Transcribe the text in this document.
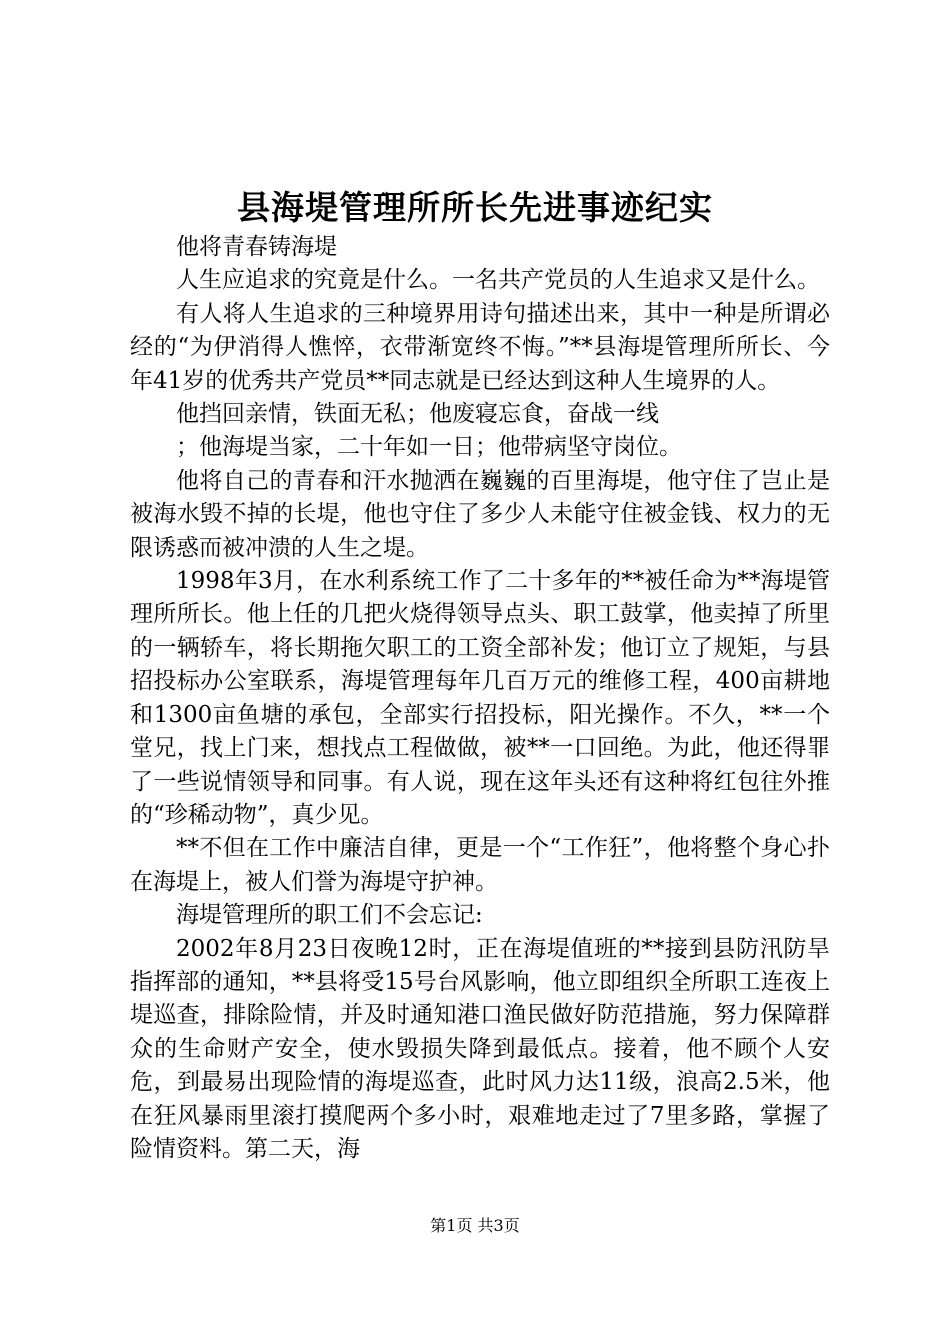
县海堤管理所所长先进事迹纪实

他将青春铸海堤

人生应追求的究竟是什么。一名共产党员的人生追求又是什么。

有人将人生追求的三种境界用诗句描述出来，其中一种是所谓必经的“为伊消得人憔悴，衣带渐宽终不悔。”**县海堤管理所所长、今年41岁的优秀共产党员**同志就是已经达到这种人生境界的人。

他挡回亲情，铁面无私；他废寝忘食，奋战一线

；他海堤当家，二十年如一日；他带病坚守岗位。

他将自己的青春和汗水抛洒在巍巍的百里海堤，他守住了岂止是被海水毁不掉的长堤，他也守住了多少人未能守住被金钱、权力的无限诱惑而被冲溃的人生之堤。

1998年3月，在水利系统工作了二十多年的**被任命为**海堤管理所所长。他上任的几把火烧得领导点头、职工鼓掌，他卖掉了所里的一辆轿车，将长期拖欠职工的工资全部补发；他订立了规矩，与县招投标办公室联系，海堤管理每年几百万元的维修工程，400亩耕地和1300亩鱼塘的承包，全部实行招投标，阳光操作。不久，**一个堂兄，找上门来，想找点工程做做，被**一口回绝。为此，他还得罪了一些说情领导和同事。有人说，现在这年头还有这种将红包往外推的“珍稀动物”，真少见。

**不但在工作中廉洁自律，更是一个“工作狂”，他将整个身心扑在海堤上，被人们誉为海堤守护神。

海堤管理所的职工们不会忘记:

2002年8月23日夜晚12时，正在海堤值班的**接到县防汛防旱指挥部的通知，**县将受15号台风影响，他立即组织全所职工连夜上堤巡查，排除险情，并及时通知港口渔民做好防范措施，努力保障群众的生命财产安全，使水毁损失降到最低点。接着，他不顾个人安危，到最易出现险情的海堤巡查，此时风力达11级，浪高2.5米，他在狂风暴雨里滚打摸爬两个多小时，艰难地走过了7里多路，掌握了险情资料。第二天，海

第1页 共3页
